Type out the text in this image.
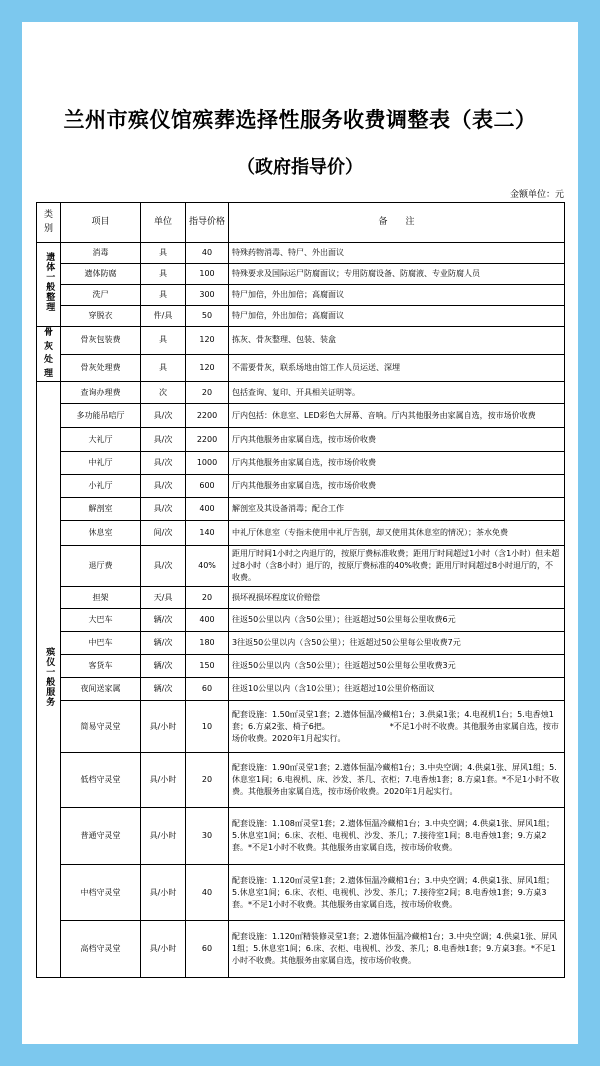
兰州市殡仪馆殡葬选择性服务收费调整表（表二）
（政府指导价）
金额单位：元
类别	项目	单位	指导价格	备　　注
遗体一般整理	消毒	具	40	特殊药物消毒、特尸、外出面议
	遗体防腐	具	100	特殊要求及国际运尸防腐面议；专用防腐设备、防腐液、专业防腐人员
	洗尸	具	300	特尸加倍，外出加倍；高腐面议
	穿脱衣	件/具	50	特尸加倍，外出加倍；高腐面议
骨灰处理	骨灰包装费	具	120	拣灰、骨灰整理、包装、装盒
	骨灰处理费	具	120	不需要骨灰，联系场地由馆工作人员运送、深埋
殡仪一般服务	查询办理费	次	20	包括查询、复印、开具相关证明等。
	多功能吊唁厅	具/次	2200	厅内包括：休息室、LED彩色大屏幕、音响。厅内其他服务由家属自选，按市场价收费
	大礼厅	具/次	2200	厅内其他服务由家属自选，按市场价收费
	中礼厅	具/次	1000	厅内其他服务由家属自选，按市场价收费
	小礼厅	具/次	600	厅内其他服务由家属自选，按市场价收费
	解剖室	具/次	400	解剖室及其设备消毒；配合工作
	休息室	间/次	140	中礼厅休息室（专指未使用中礼厅告别，却又使用其休息室的情况）；茶水免费
	退厅费	具/次	40%	距用厅时间1小时之内退厅的，按原厅费标准收费；距用厅时间超过1小时（含1小时）但未超过8小时（含8小时）退厅的，按原厅费标准的40%收费；距用厅时间超过8小时退厅的，不收费。
	担架	天/具	20	损坏视损坏程度议价赔偿
	大巴车	辆/次	400	往返50公里以内（含50公里）；往返超过50公里每公里收费6元
	中巴车	辆/次	180	3往返50公里以内（含50公里）；往返超过50公里每公里收费7元
	客货车	辆/次	150	往返50公里以内（含50公里）；往返超过50公里每公里收费3元
	夜间送家属	辆/次	60	往返10公里以内（含10公里）；往返超过10公里价格面议
	简易守灵堂	具/小时	10	配套设施：1.50㎡灵堂1套；2.遗体恒温冷藏棺1台；3.供桌1张；4.电视机1台；5.电香烛1套；6.方桌2张、椅子6把。　　　　　　　　*不足1小时不收费。其他服务由家属自选，按市场价收费。2020年1月起实行。
	低档守灵堂	具/小时	20	配套设施：1.90㎡灵堂1套；2.遗体恒温冷藏棺1台；3.中央空调；4.供桌1张、屏风1组；5.休息室1间；6.电视机、床、沙发、茶几、衣柜；7.电香烛1套；8.方桌1套。*不足1小时不收费。其他服务由家属自选，按市场价收费。2020年1月起实行。
	普通守灵堂	具/小时	30	配套设施：1.108㎡灵堂1套；2.遗体恒温冷藏棺1台；3.中央空调；4.供桌1张、屏风1组；5.休息室1间；6.床、衣柜、电视机、沙发、茶几；7.接待室1间；8.电香烛1套；9.方桌2套。*不足1小时不收费。其他服务由家属自选，按市场价收费。
	中档守灵堂	具/小时	40	配套设施：1.120㎡灵堂1套；2.遗体恒温冷藏棺1台；3.中央空调；4.供桌1张、屏风1组；5.休息室1间；6.床、衣柜、电视机、沙发、茶几；7.接待室2间；8.电香烛1套；9.方桌3套。*不足1小时不收费。其他服务由家属自选，按市场价收费。
	高档守灵堂	具/小时	60	配套设施：1.120㎡精装修灵堂1套；2.遗体恒温冷藏棺1台；3.中央空调；4.供桌1张、屏风1组；5.休息室1间；6.床、衣柜、电视机、沙发、茶几；8.电香烛1套；9.方桌3套。*不足1小时不收费。其他服务由家属自选，按市场价收费。
